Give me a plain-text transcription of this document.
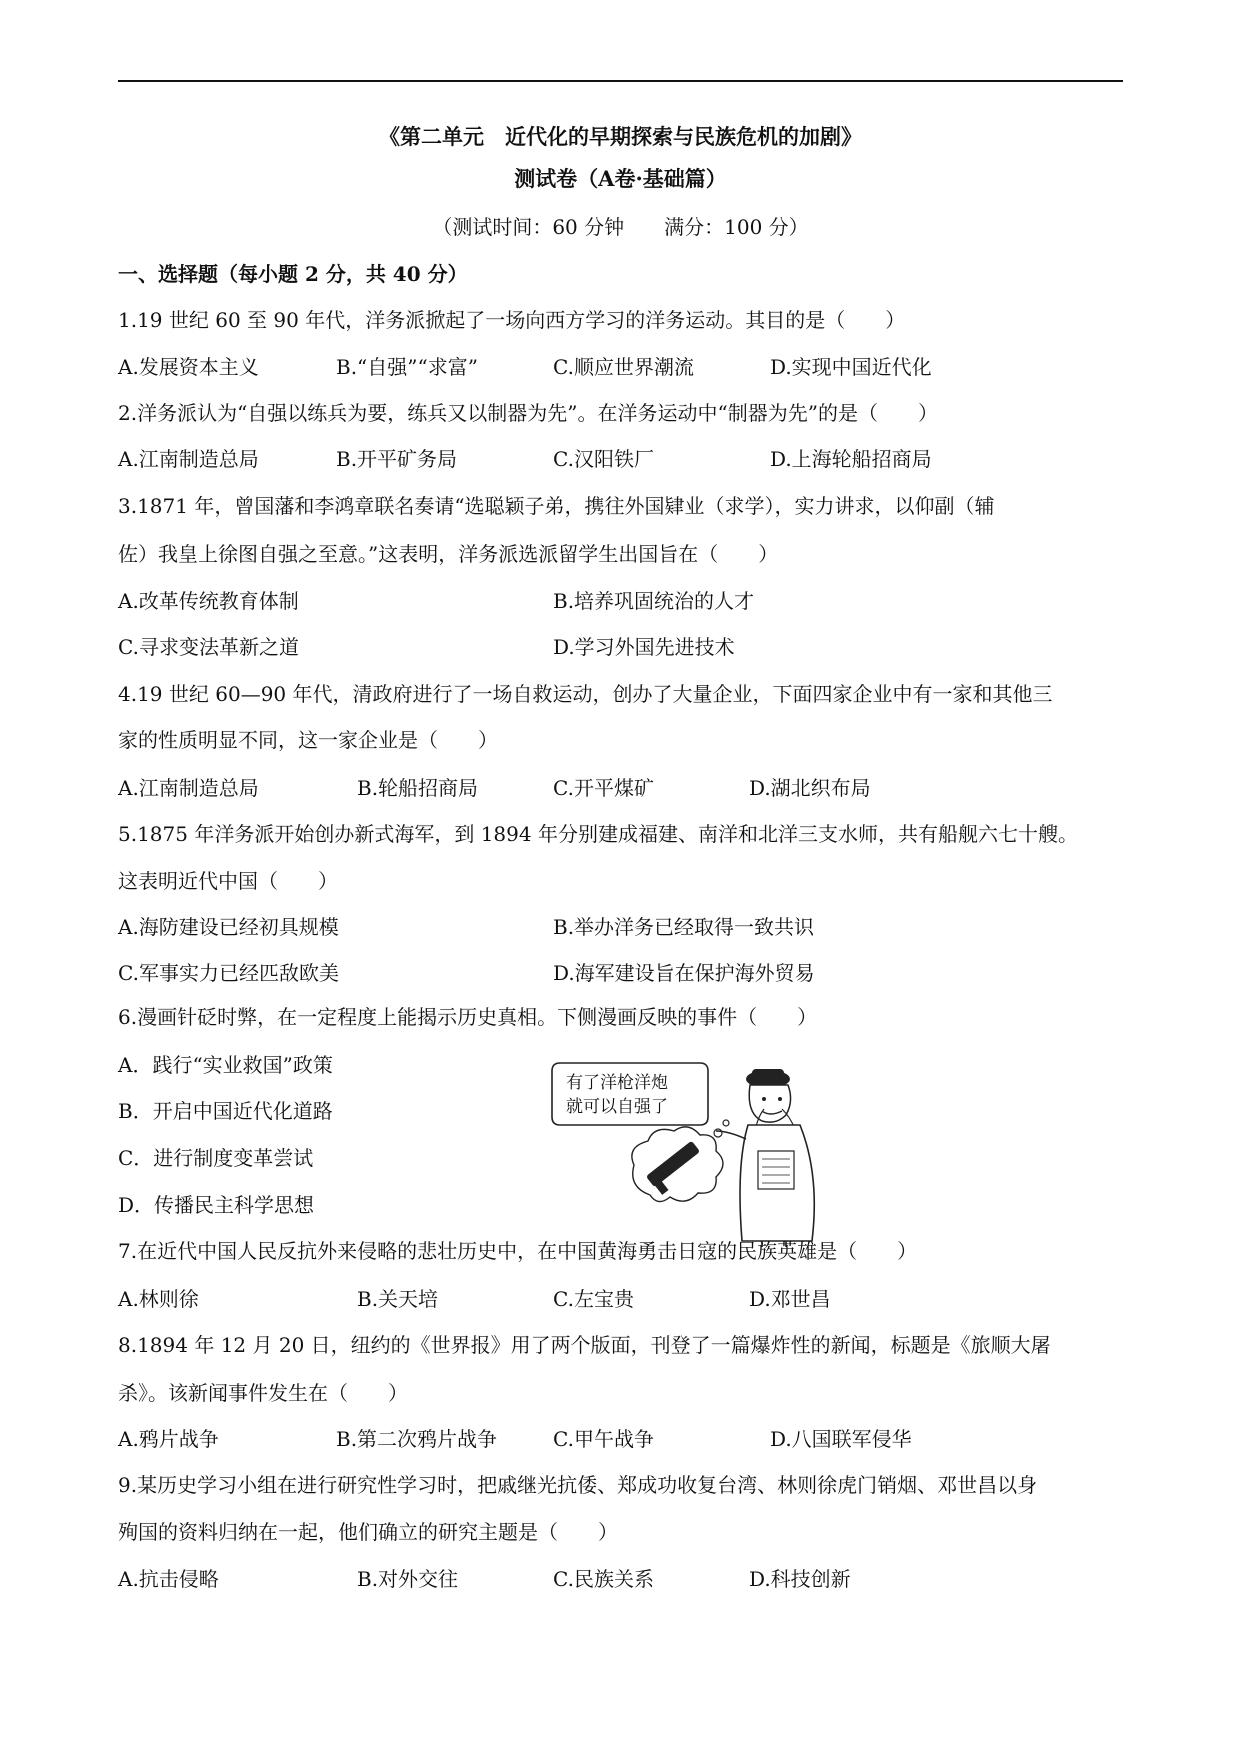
《第二单元　近代化的早期探索与民族危机的加剧》
测试卷（A卷·基础篇）
（测试时间：60 分钟　　满分：100 分）
一、选择题（每小题 2 分，共 40 分）
1.19 世纪 60 至 90 年代，洋务派掀起了一场向西方学习的洋务运动。其目的是（　　）
A.发展资本主义	B.“自强”“求富”	C.顺应世界潮流	D.实现中国近代化
2.洋务派认为“自强以练兵为要，练兵又以制器为先”。在洋务运动中“制器为先”的是（　　）
A.江南制造总局	B.开平矿务局	C.汉阳铁厂	D.上海轮船招商局
3.1871 年，曾国藩和李鸿章联名奏请“选聪颖子弟，携往外国肄业（求学），实力讲求，以仰副（辅
佐）我皇上徐图自强之至意。”这表明，洋务派选派留学生出国旨在（　　）
A.改革传统教育体制	B.培养巩固统治的人才
C.寻求变法革新之道	D.学习外国先进技术
4.19 世纪 60—90 年代，清政府进行了一场自救运动，创办了大量企业，下面四家企业中有一家和其他三
家的性质明显不同，这一家企业是（　　）
A.江南制造总局	B.轮船招商局	C.开平煤矿	D.湖北织布局
5.1875 年洋务派开始创办新式海军，到 1894 年分别建成福建、南洋和北洋三支水师，共有船舰六七十艘。
这表明近代中国（　　）
A.海防建设已经初具规模	B.举办洋务已经取得一致共识
C.军事实力已经匹敌欧美	D.海军建设旨在保护海外贸易
6.漫画针砭时弊，在一定程度上能揭示历史真相。下侧漫画反映的事件（　　）
A．践行“实业救国”政策
B．开启中国近代化道路
C．进行制度变革尝试
D．传播民主科学思想
有了洋枪洋炮
就可以自强了
7.在近代中国人民反抗外来侵略的悲壮历史中，在中国黄海勇击日寇的民族英雄是（　　）
A.林则徐	B.关天培	C.左宝贵	D.邓世昌
8.1894 年 12 月 20 日，纽约的《世界报》用了两个版面，刊登了一篇爆炸性的新闻，标题是《旅顺大屠
杀》。该新闻事件发生在（　　）
A.鸦片战争	B.第二次鸦片战争	C.甲午战争	D.八国联军侵华
9.某历史学习小组在进行研究性学习时，把戚继光抗倭、郑成功收复台湾、林则徐虎门销烟、邓世昌以身
殉国的资料归纳在一起，他们确立的研究主题是（　　）
A.抗击侵略	B.对外交往	C.民族关系	D.科技创新
